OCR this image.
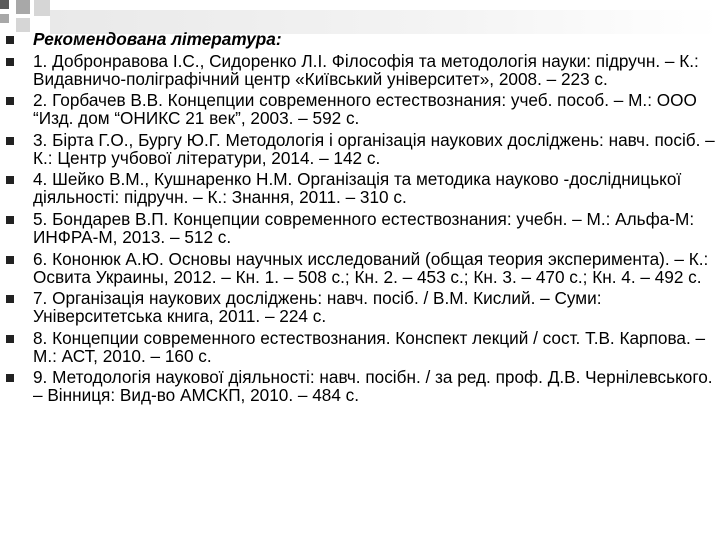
Рекомендована література:
1. Добронравова І.С., Сидоренко Л.І. Філософія та методологія науки: підручн. – К.: Видавничо-поліграфічний центр «Київський університет», 2008. – 223 с.
2. Горбачев В.В. Концепции современного естествознания: учеб. пособ. – М.: ООО “Изд. дом “ОНИКС 21 век”, 2003. – 592 с.
3. Бірта Г.О., Бургу Ю.Г. Методологія і організація наукових досліджень: навч. посіб. – К.: Центр учбової літератури, 2014. – 142 с.
4. Шейко В.М., Кушнаренко Н.М. Організація та методика науково -дослідницької діяльності: підручн. – К.: Знання, 2011. – 310 с.
5. Бондарев В.П. Концепции современного естествознания: учебн. – М.: Альфа-М: ИНФРА-М, 2013. – 512 с.
6. Кононюк А.Ю. Основы научных исследований (общая теория эксперимента). – К.: Освита Украины, 2012. – Кн. 1. – 508 с.; Кн. 2. – 453 с.; Кн. 3. – 470 с.; Кн. 4. – 492 с.
7. Організація наукових досліджень: навч. посіб. / В.М. Кислий. – Суми: Університетська книга, 2011. – 224 с.
8. Концепции современного естествознания. Конспект лекций / сост. Т.В. Карпова. – М.: АСТ, 2010. – 160 с.
9. Методологія наукової діяльності: навч. посібн. / за ред. проф. Д.В. Чернілевського. – Вінниця: Вид-во АМСКП, 2010. – 484 с.
